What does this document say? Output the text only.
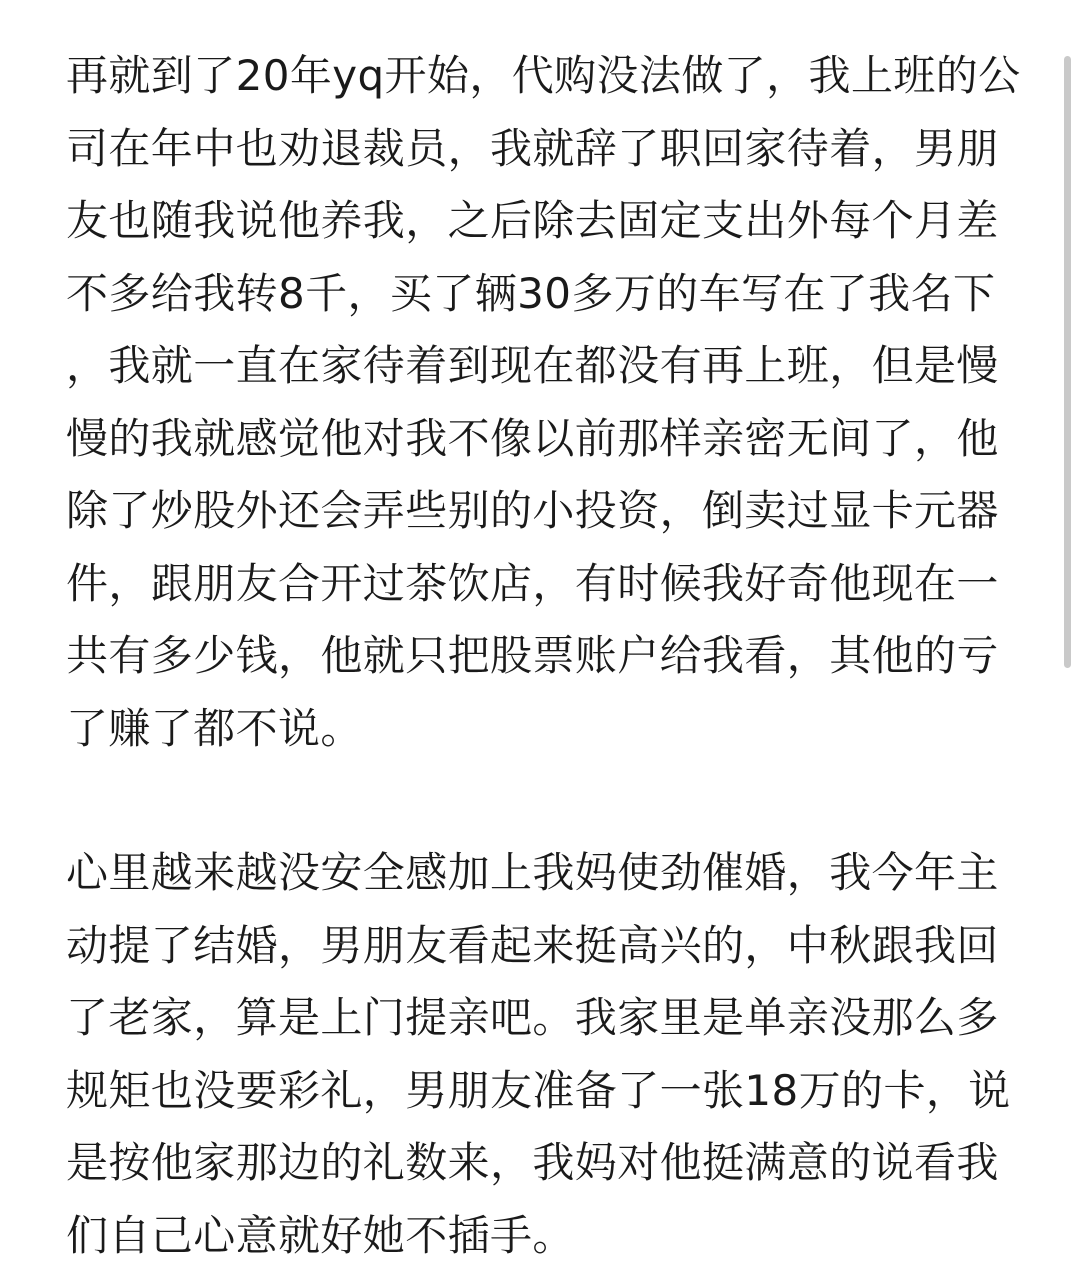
再就到了20年yq开始，代购没法做了，我上班的公
司在年中也劝退裁员，我就辞了职回家待着，男朋
友也随我说他养我，之后除去固定支出外每个月差
不多给我转8千，买了辆30多万的车写在了我名下
，我就一直在家待着到现在都没有再上班，但是慢
慢的我就感觉他对我不像以前那样亲密无间了，他
除了炒股外还会弄些别的小投资，倒卖过显卡元器
件，跟朋友合开过茶饮店，有时候我好奇他现在一
共有多少钱，他就只把股票账户给我看，其他的亏
了赚了都不说。

心里越来越没安全感加上我妈使劲催婚，我今年主
动提了结婚，男朋友看起来挺高兴的，中秋跟我回
了老家，算是上门提亲吧。我家里是单亲没那么多
规矩也没要彩礼，男朋友准备了一张18万的卡，说
是按他家那边的礼数来，我妈对他挺满意的说看我
们自己心意就好她不插手。
